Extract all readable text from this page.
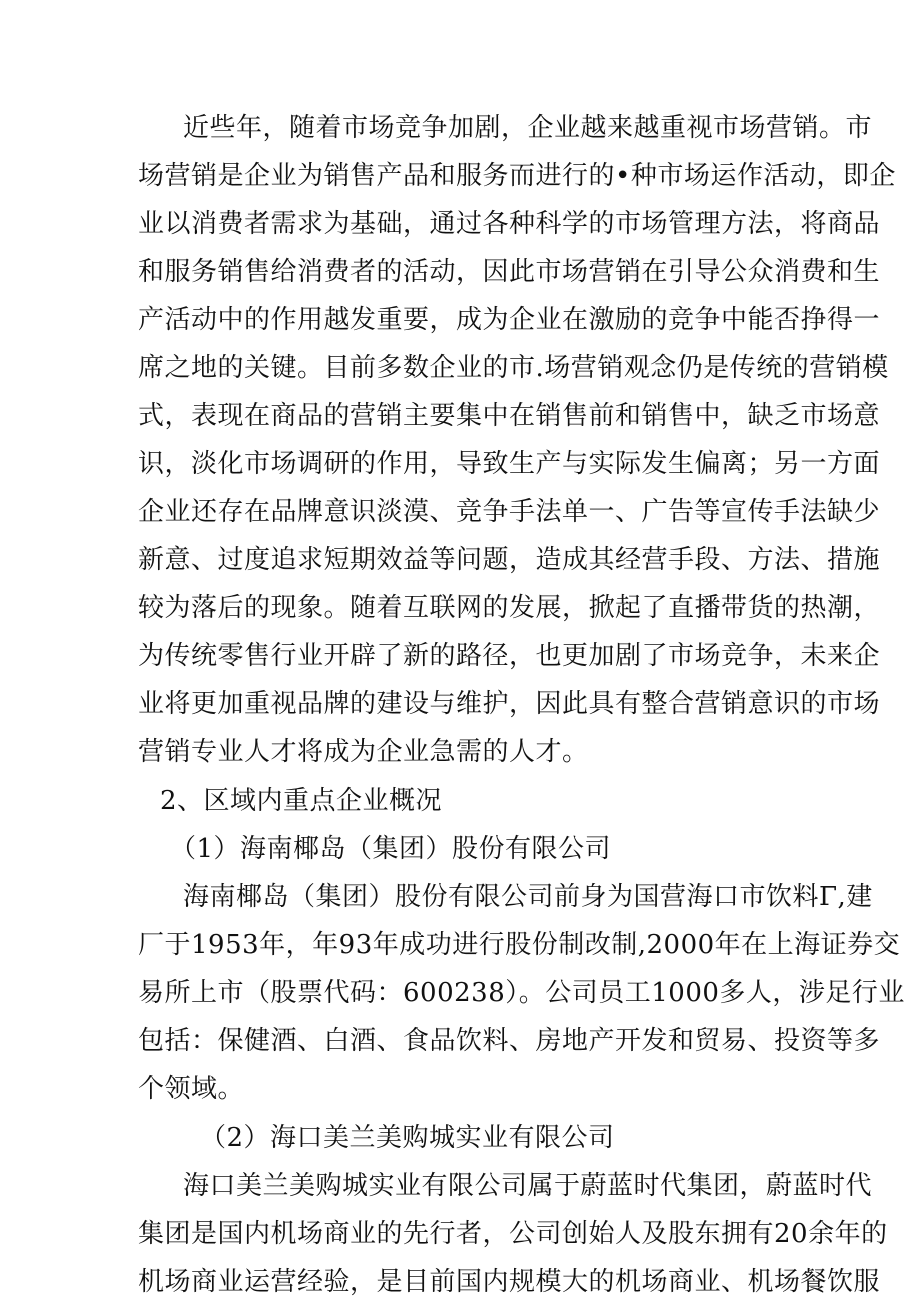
近些年，随着市场竞争加剧，企业越来越重视市场营销。市
场营销是企业为销售产品和服务而进行的•种市场运作活动，即企
业以消费者需求为基础，通过各种科学的市场管理方法，将商品
和服务销售给消费者的活动，因此市场营销在引导公众消费和生
产活动中的作用越发重要，成为企业在激励的竞争中能否挣得一
席之地的关键。目前多数企业的市.场营销观念仍是传统的营销模
式，表现在商品的营销主要集中在销售前和销售中，缺乏市场意
识，淡化市场调研的作用，导致生产与实际发生偏离；另一方面
企业还存在品牌意识淡漠、竞争手法单一、广告等宣传手法缺少
新意、过度追求短期效益等问题，造成其经营手段、方法、措施
较为落后的现象。随着互联网的发展，掀起了直播带货的热潮，
为传统零售行业开辟了新的路径，也更加剧了市场竞争，未来企
业将更加重视品牌的建设与维护，因此具有整合营销意识的市场
营销专业人才将成为企业急需的人才。
2、区域内重点企业概况
（1）海南椰岛（集团）股份有限公司
海南椰岛（集团）股份有限公司前身为国营海口市饮料Γ,建
厂于1953年，年93年成功进行股份制改制,2000年在上海证券交
易所上市（股票代码：600238）。公司员工1000多人，涉足行业
包括：保健酒、白酒、食品饮料、房地产开发和贸易、投资等多
个领域。
（2）海口美兰美购城实业有限公司
海口美兰美购城实业有限公司属于蔚蓝时代集团，蔚蓝时代
集团是国内机场商业的先行者，公司创始人及股东拥有20余年的
机场商业运营经验，是目前国内规模大的机场商业、机场餐饮服
